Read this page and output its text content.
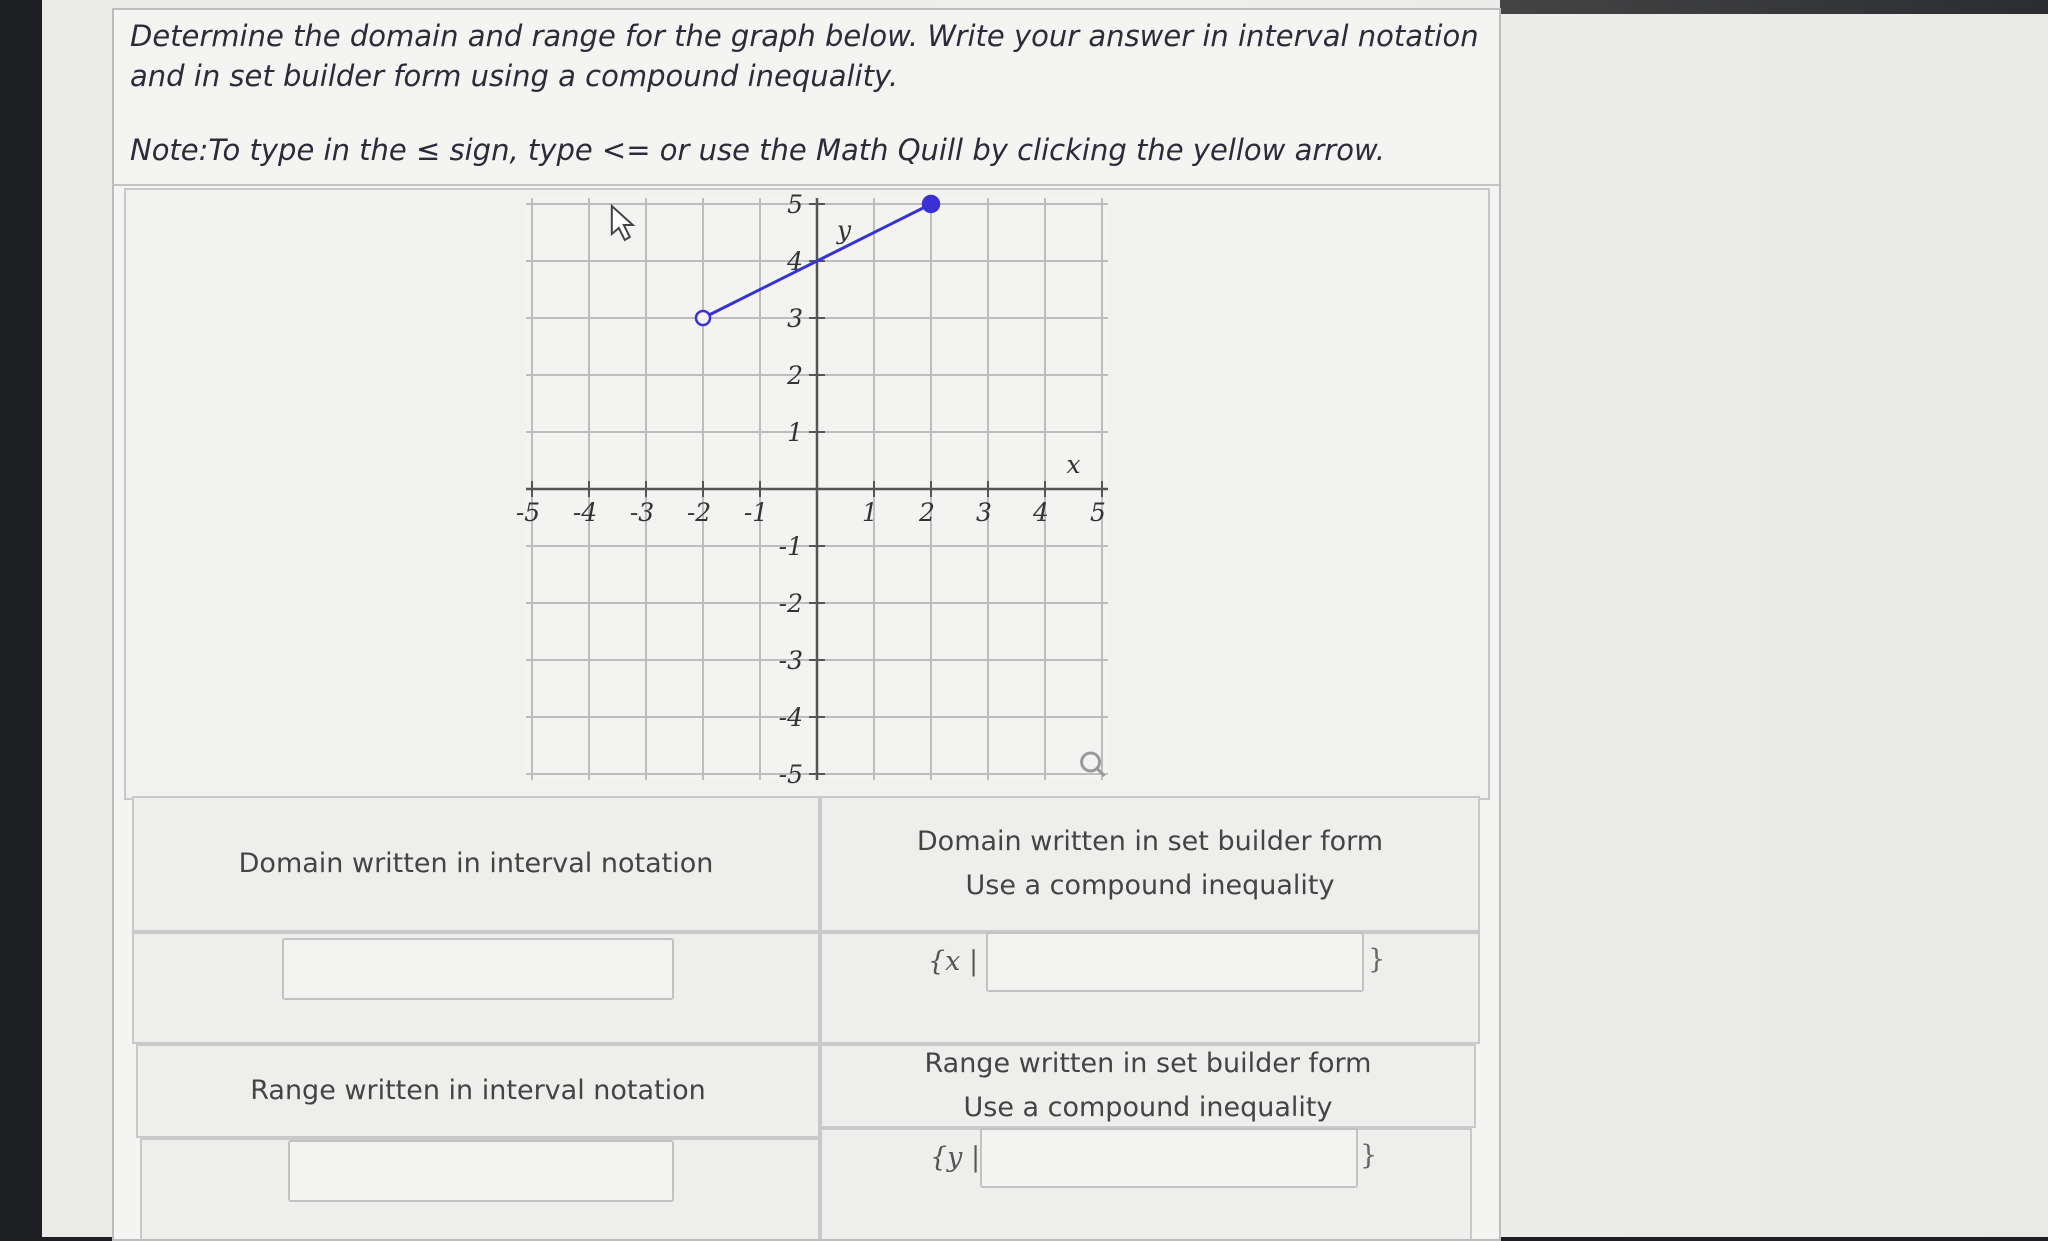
Determine the domain and range for the graph below. Write your answer in interval notation and in set builder form using a compound inequality.

Note:To type in the ≤ sign, type <= or use the Math Quill by clicking the yellow arrow.

-5 -4 -3 -2 -1	1 2 3 4 5
5
4
3
2
1
-1
-2
-3
-4
-5
x
y
Domain written in interval notation
Domain written in set builder form
Use a compound inequality
{x |	}
Range written in interval notation
Range written in set builder form
Use a compound inequality
{y |	}
